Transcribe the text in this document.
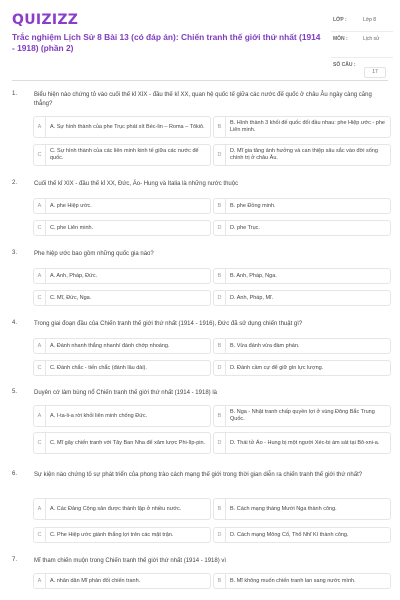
QUIZIZZ
Trắc nghiệm Lịch Sử 8 Bài 13 (có đáp án): Chiến tranh thế giới thứ nhất (1914 - 1918) (phần 2)
LỚP :	Lớp 8
MÔN :	Lịch sử
SỐ CÂU :
17
1.	Biểu hiện nào chứng tỏ vào cuối thế kỉ XIX - đầu thế kỉ XX, quan hệ quốc tế giữa các nước đế quốc ở châu Âu ngày càng căng thẳng?
A	A. Sự hình thành của phe Trục phát xít Béc-lin – Roma – Tôkiô.	B
B. Hình thành 3 khối đế quốc đối đầu nhau: phe Hiệp ước - phe Liên minh.
C
C. Sự hình thành của các liên minh kinh tế giữa các nước đế quốc.	D
D. Mĩ gia tăng ảnh hưởng và can thiệp sâu sắc vào đời sống chính trị ở châu Âu.
2.	Cuối thế kỉ XIX - đầu thế kỉ XX, Đức, Áo- Hung và Italia là những nước thuộc
A	A. phe Hiệp ước.	B	B. phe Đồng minh.
C	C. phe Liên minh.	D	D. phe Trục.
3.	Phe hiệp ước bao gồm những quốc gia nào?
A	A. Anh, Pháp, Đức.	B	B. Anh, Pháp, Nga.
C	C. Mĩ, Đức, Nga.	D	D. Anh, Pháp, Mĩ.
4.	Trong giai đoạn đầu của Chiến tranh thế giới thứ nhất (1914 - 1916), Đức đã sử dụng chiến thuật gì?
A	A. Đánh nhanh thắng nhanh/ đánh chớp nhoáng.	B	B. Vừa đánh vừa đàm phán.
C	C. Đánh chắc - tiến chắc (đánh lâu dài).	D	D. Đánh cầm cự để giữ gìn lực lượng.
5.	Duyên cớ làm bùng nổ Chiến tranh thế giới thứ nhất (1914 - 1918) là
A	A. I-ta-li-a rời khỏi liên minh chống Đức.	B
B. Nga - Nhật tranh chấp quyền lợi ở vùng Đông Bắc Trung Quốc.
C	C. Mĩ gây chiến tranh với Tây Ban Nha để xâm lược Phi-líp-pin.	D	D. Thái tử Áo - Hung bị một người Xéc-bi ám sát tại Bô-xni-a.
6.	Sự kiện nào chứng tỏ sự phát triển của phong trào cách mạng thế giới trong thời gian diễn ra chiến tranh thế giới thứ nhất?
A	A. Các Đảng Cộng sản được thành lập ở nhiều nước.	B	B. Cách mạng tháng Mười Nga thành công.
C	C. Phe Hiệp ước giành thắng lợi trên các mặt trận.	D	D. Cách mạng Mông Cổ, Thổ Nhĩ Kì thành công.
7.	Mĩ tham chiến muộn trong Chiến tranh thế giới thứ nhất (1914 - 1918) vì
A	A. nhân dân Mĩ phản đối chiến tranh.	B	B. Mĩ không muốn chiến tranh lan sang nước mình.
